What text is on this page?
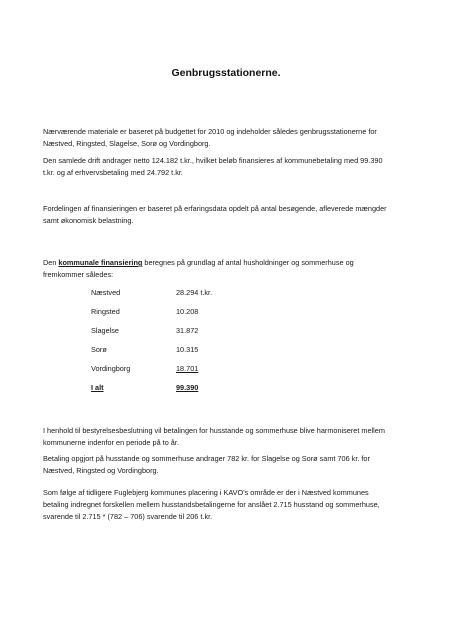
Genbrugsstationerne.
Nærværende materiale er baseret på budgettet for 2010 og indeholder således genbrugsstationerne for
Næstved, Ringsted, Slagelse, Sorø og Vordingborg.
Den samlede drift andrager netto 124.182 t.kr., hvilket beløb finansieres af kommunebetaling med 99.390
t.kr. og af erhvervsbetaling med 24.792 t.kr.
Fordelingen af finansieringen er baseret på erfaringsdata opdelt på antal besøgende, afleverede mængder
samt økonomisk belastning.
Den kommunale finansiering beregnes på grundlag af antal husholdninger og sommerhuse og
fremkommer således:
Næstved	28.294 t.kr.
Ringsted	10.208
Slagelse	31.872
Sorø	10.315
Vordingborg	18.701
I alt	99.390
I henhold til bestyrelsesbeslutning vil betalingen for husstande og sommerhuse blive harmoniseret mellem
kommunerne indenfor en periode på to år.
Betaling opgjort på husstande og sommerhuse andrager 782 kr. for Slagelse og Sorø samt 706 kr. for
Næstved, Ringsted og Vordingborg.
Som følge af tidligere Fuglebjerg kommunes placering i KAVO's område er der i Næstved kommunes
betaling indregnet forskellen mellem husstandsbetalingerne for anslået 2.715 husstand og sommerhuse,
svarende til 2.715 * (782 – 706) svarende til 206 t.kr.
